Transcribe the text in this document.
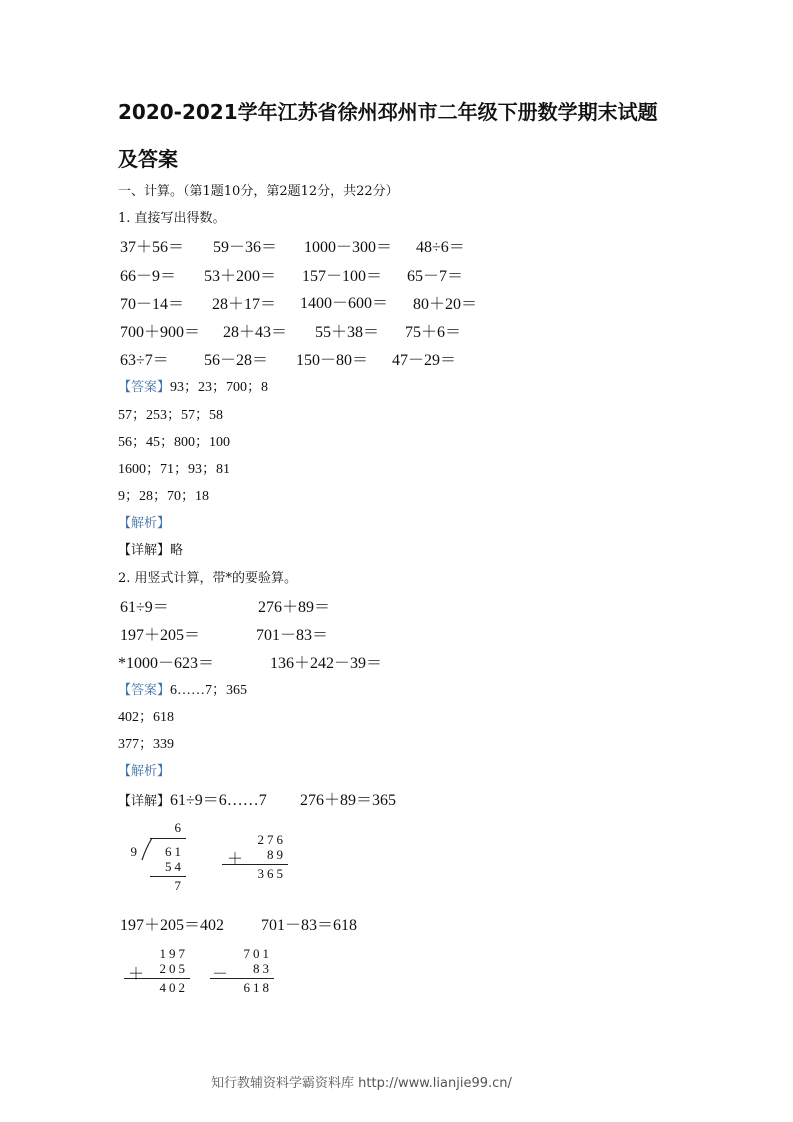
2020-2021学年江苏省徐州邳州市二年级下册数学期末试题
及答案
一、计算。（第1题10分，第2题12分，共22分）
1. 直接写出得数。
37＋56＝ 59－36＝ 1000－300＝ 48÷6＝
66－9＝ 53＋200＝ 157－100＝ 65－7＝
70－14＝ 28＋17＝ 1400－600＝ 80＋20＝
700＋900＝ 28＋43＝ 55＋38＝ 75＋6＝
63÷7＝ 56－28＝ 150－80＝ 47－29＝
【答案】93；23；700；8
57；253；57；58
56；45；800；100
1600；71；93；81
9；28；70；18
【解析】
【详解】略
2. 用竖式计算，带*的要验算。
61÷9＝	276＋89＝
197＋205＝	701－83＝
*1000－623＝	136＋242－39＝
【答案】6……7；365
402；618
377；339
【解析】
【详解】61÷9＝6……7 276＋89＝365
6
9	61
54
7
276
＋	89
365
197＋205＝402 701－83＝618
197
＋	205
402
701
－	83
618
知行教辅资料学霸资料库 http://www.lianjie99.cn/
